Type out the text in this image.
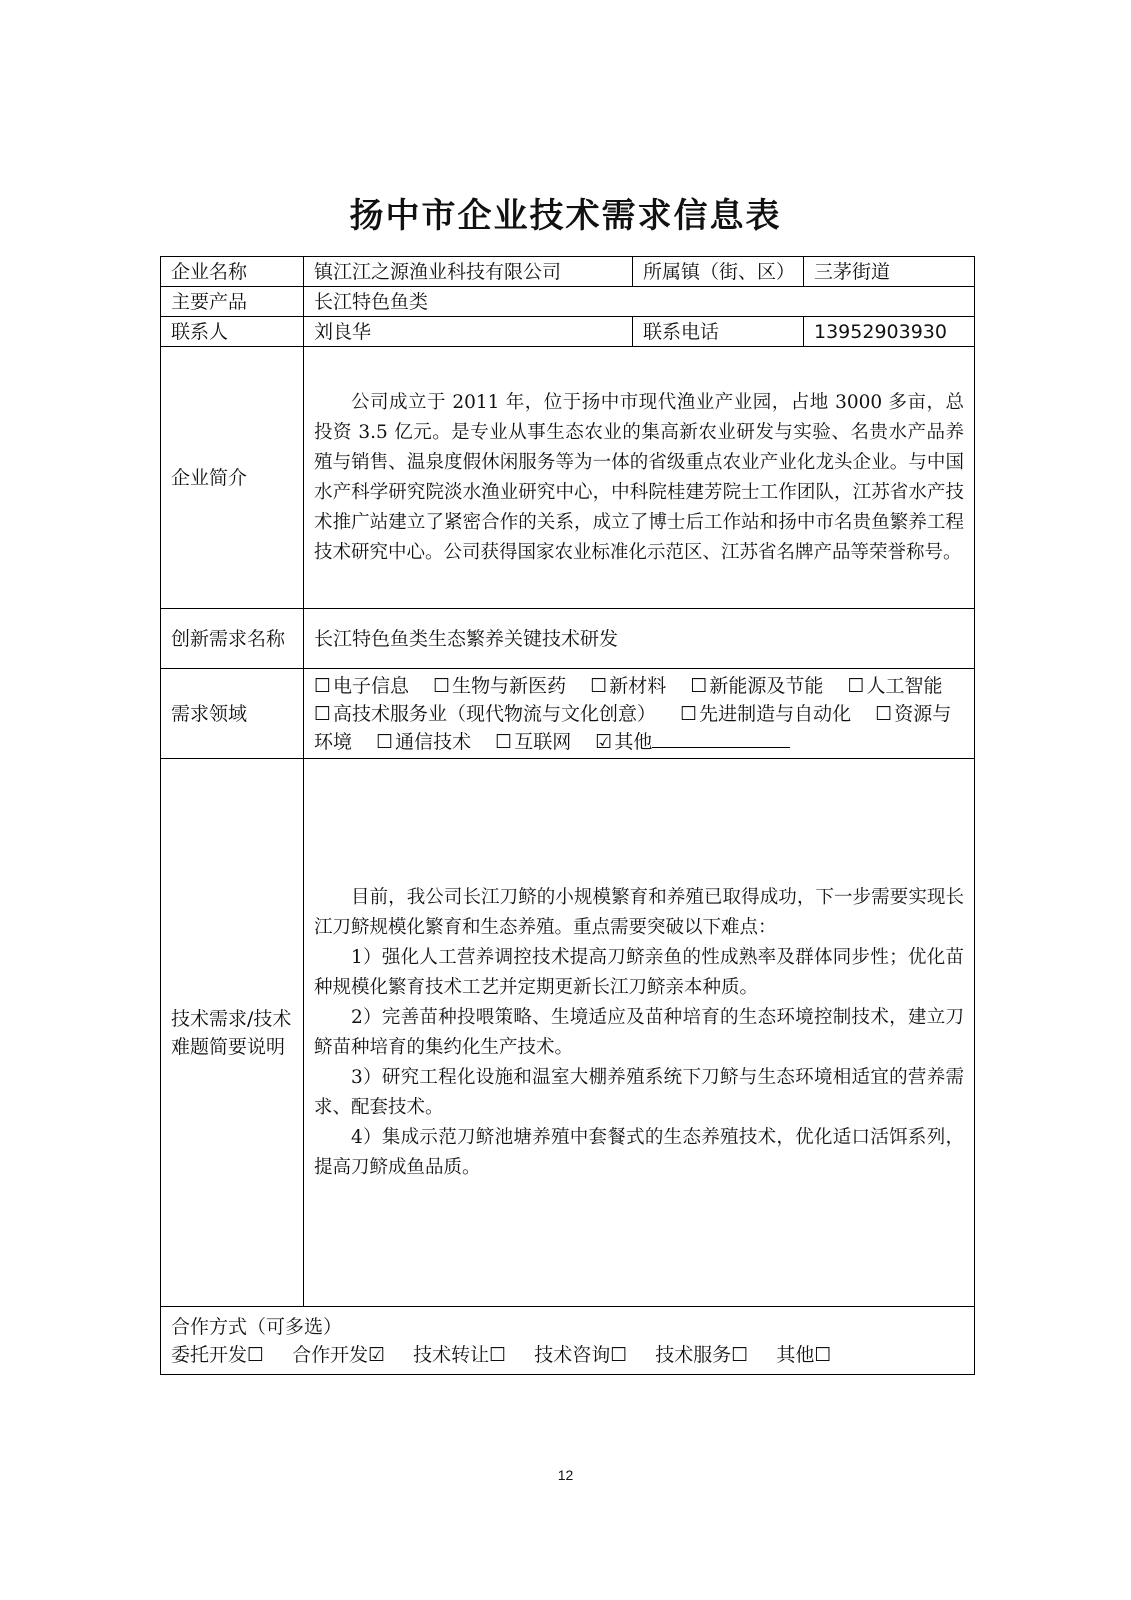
扬中市企业技术需求信息表
企业名称	镇江江之源渔业科技有限公司	所属镇（街、区）	三茅街道
主要产品	长江特色鱼类		
联系人	刘良华	联系电话	13952903930
企业简介	公司成立于 2011 年，位于扬中市现代渔业产业园，占地 3000 多亩，总投资 3.5 亿元。是专业从事生态农业的集高新农业研发与实验、名贵水产品养殖与销售、温泉度假休闲服务等为一体的省级重点农业产业化龙头企业。与中国水产科学研究院淡水渔业研究中心，中科院桂建芳院士工作团队，江苏省水产技术推广站建立了紧密合作的关系，成立了博士后工作站和扬中市名贵鱼繁养工程技术研究中心。公司获得国家农业标准化示范区、江苏省名牌产品等荣誉称号。		

创新需求名称	长江特色鱼类生态繁养关键技术研发		
需求领域	☐ 电子信息 ☐ 生物与新医药 ☐ 新材料 ☐ 新能源及节能 ☐ 人工智能 ☐ 高技术服务业（现代物流与文化创意） ☐ 先进制造与自动化 ☐ 资源与环境 ☐ 通信技术 ☐ 互联网 ☑ 其他		
技术需求/技术难题简要说明	目前，我公司长江刀鲚的小规模繁育和养殖已取得成功，下一步需要实现长江刀鲚规模化繁育和生态养殖。重点需要突破以下难点：

1）强化人工营养调控技术提高刀鲚亲鱼的性成熟率及群体同步性；优化苗种规模化繁育技术工艺并定期更新长江刀鲚亲本种质。

2）完善苗种投喂策略、生境适应及苗种培育的生态环境控制技术，建立刀鲚苗种培育的集约化生产技术。

3）研究工程化设施和温室大棚养殖系统下刀鲚与生态环境相适宜的营养需求、配套技术。

4）集成示范刀鲚池塘养殖中套餐式的生态养殖技术，优化适口活饵系列，提高刀鲚成鱼品质。		

合作方式（可多选）
委托开发☐ 合作开发☑ 技术转让☐ 技术咨询☐ 技术服务☐ 其他☐			
12
